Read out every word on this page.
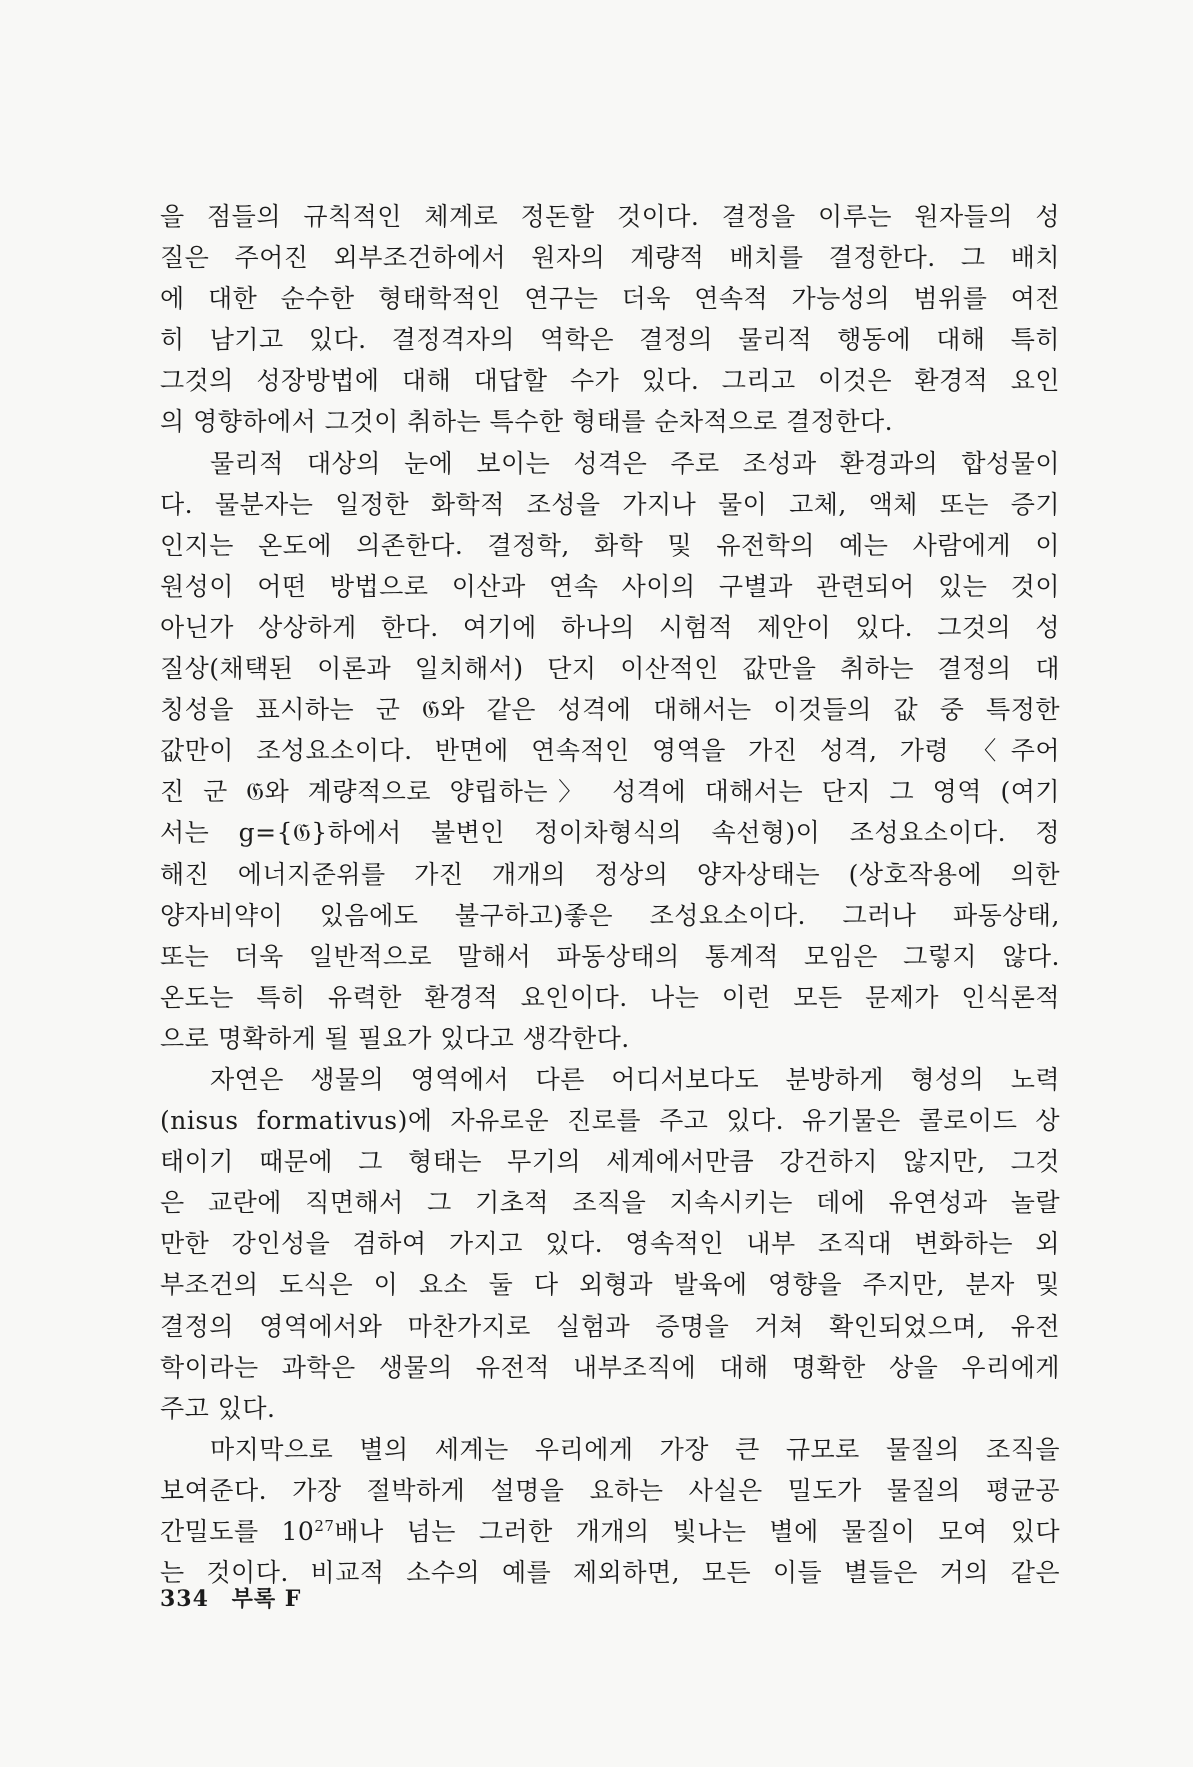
을 점들의 규칙적인 체계로 정돈할 것이다. 결정을 이루는 원자들의 성
질은 주어진 외부조건하에서 원자의 계량적 배치를 결정한다. 그 배치
에 대한 순수한 형태학적인 연구는 더욱 연속적 가능성의 범위를 여전
히 남기고 있다. 결정격자의 역학은 결정의 물리적 행동에 대해 특히
그것의 성장방법에 대해 대답할 수가 있다. 그리고 이것은 환경적 요인
의 영향하에서 그것이 취하는 특수한 형태를 순차적으로 결정한다.

물리적 대상의 눈에 보이는 성격은 주로 조성과 환경과의 합성물이
다. 물분자는 일정한 화학적 조성을 가지나 물이 고체, 액체 또는 증기
인지는 온도에 의존한다. 결정학, 화학 및 유전학의 예는 사람에게 이
원성이 어떤 방법으로 이산과 연속 사이의 구별과 관련되어 있는 것이
아닌가 상상하게 한다. 여기에 하나의 시험적 제안이 있다. 그것의 성
질상(채택된 이론과 일치해서) 단지 이산적인 값만을 취하는 결정의 대
칭성을 표시하는 군 𝔊와 같은 성격에 대해서는 이것들의 값 중 특정한
값만이 조성요소이다. 반면에 연속적인 영역을 가진 성격, 가령 〈주어
진 군 𝔊와 계량적으로 양립하는〉 성격에 대해서는 단지 그 영역 (여기
서는 g={𝔊}하에서 불변인 정이차형식의 속선형)이 조성요소이다. 정
해진 에너지준위를 가진 개개의 정상의 양자상태는 (상호작용에 의한
양자비약이 있음에도 불구하고)좋은 조성요소이다. 그러나 파동상태,
또는 더욱 일반적으로 말해서 파동상태의 통계적 모임은 그렇지 않다.
온도는 특히 유력한 환경적 요인이다. 나는 이런 모든 문제가 인식론적
으로 명확하게 될 필요가 있다고 생각한다.

자연은 생물의 영역에서 다른 어디서보다도 분방하게 형성의 노력
(nisus formativus)에 자유로운 진로를 주고 있다. 유기물은 콜로이드 상
태이기 때문에 그 형태는 무기의 세계에서만큼 강건하지 않지만, 그것
은 교란에 직면해서 그 기초적 조직을 지속시키는 데에 유연성과 놀랄
만한 강인성을 겸하여 가지고 있다. 영속적인 내부 조직대 변화하는 외
부조건의 도식은 이 요소 둘 다 외형과 발육에 영향을 주지만, 분자 및
결정의 영역에서와 마찬가지로 실험과 증명을 거쳐 확인되었으며, 유전
학이라는 과학은 생물의 유전적 내부조직에 대해 명확한 상을 우리에게
주고 있다.

마지막으로 별의 세계는 우리에게 가장 큰 규모로 물질의 조직을
보여준다. 가장 절박하게 설명을 요하는 사실은 밀도가 물질의 평균공
간밀도를 $10^{27}$배나 넘는 그러한 개개의 빛나는 별에 물질이 모여 있다
는 것이다. 비교적 소수의 예를 제외하면, 모든 이들 별들은 거의 같은

334 부록 F
